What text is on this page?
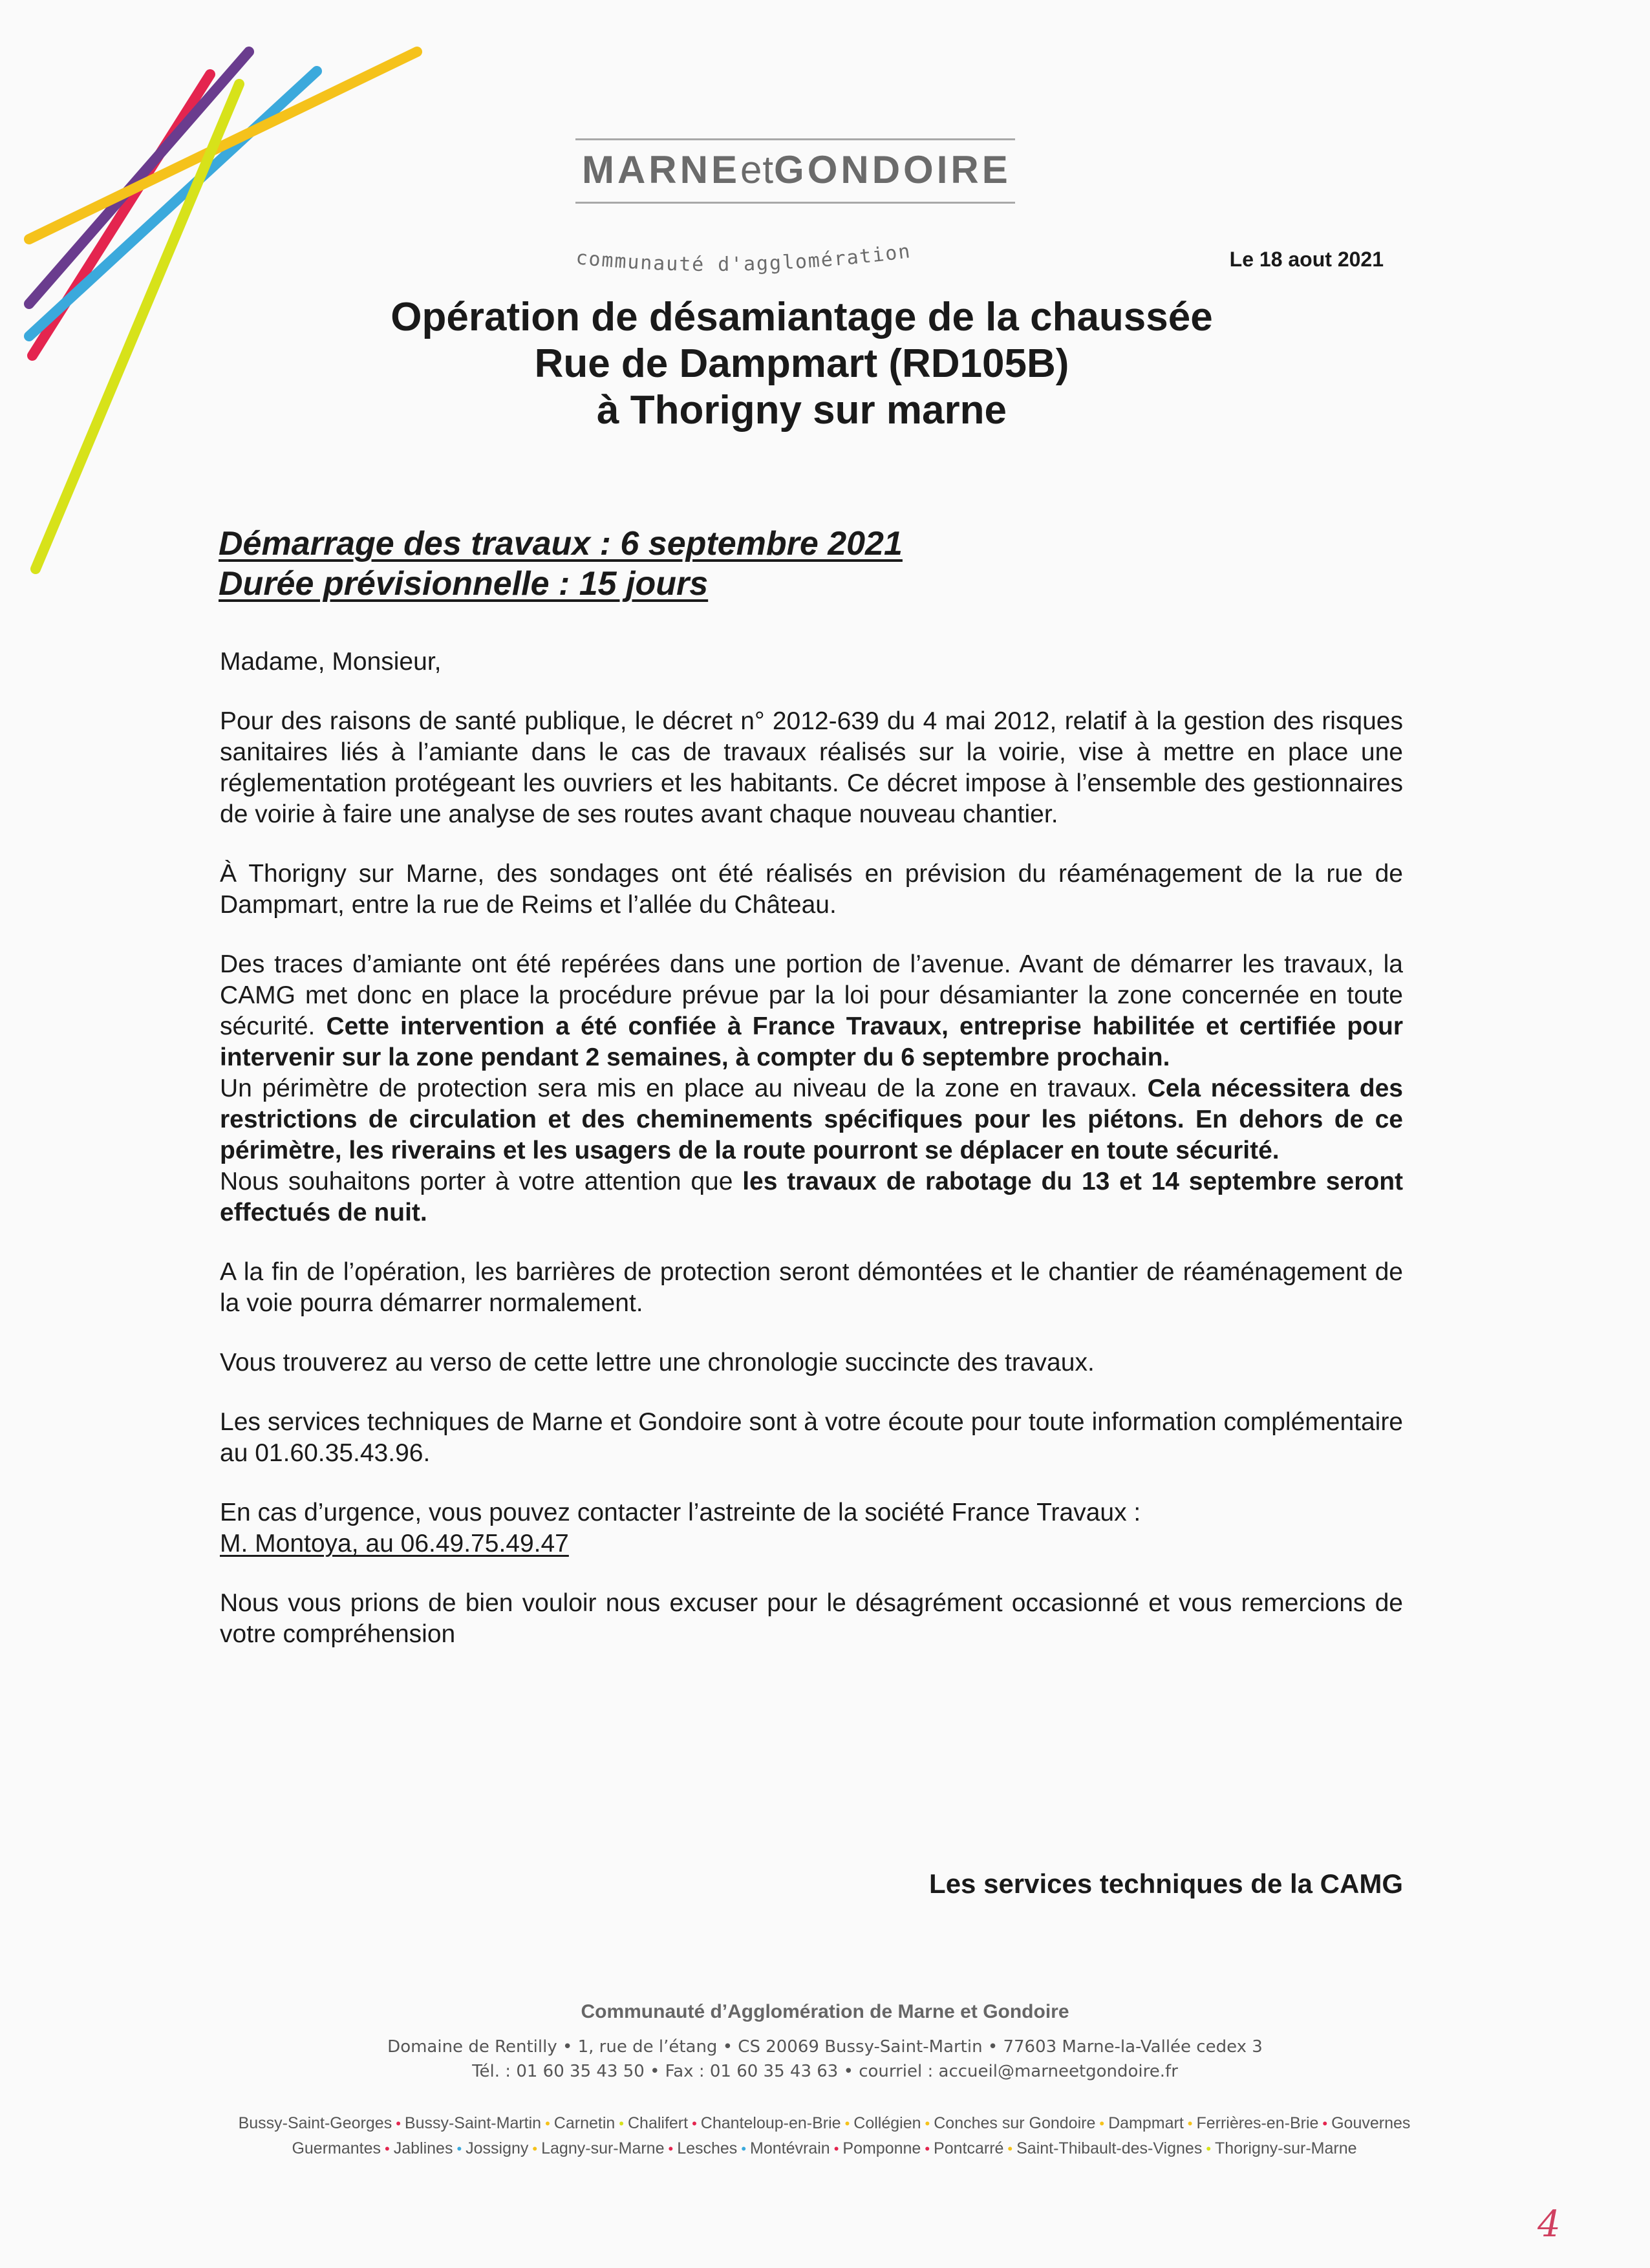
MARNEetGONDOIRE
communauté d'agglomération	Le 18 aout 2021
Opération de désamiantage de la chaussée
Rue de Dampmart (RD105B)
à Thorigny sur marne
Démarrage des travaux : 6 septembre 2021
Durée prévisionnelle : 15 jours

Madame, Monsieur,

Pour des raisons de santé publique, le décret n° 2012-639 du 4 mai 2012, relatif à la gestion des risques sanitaires liés à l’amiante dans le cas de travaux réalisés sur la voirie, vise à mettre en place une réglementation protégeant les ouvriers et les habitants. Ce décret impose à l’ensemble des gestionnaires de voirie à faire une analyse de ses routes avant chaque nouveau chantier.

À Thorigny sur Marne, des sondages ont été réalisés en prévision du réaménagement de la rue de Dampmart, entre la rue de Reims et l’allée du Château.

Des traces d’amiante ont été repérées dans une portion de l’avenue. Avant de démarrer les travaux, la CAMG met donc en place la procédure prévue par la loi pour désamianter la zone concernée en toute sécurité. Cette intervention a été confiée à France Travaux, entreprise habilitée et certifiée pour intervenir sur la zone pendant 2 semaines, à compter du 6 septembre prochain.

Un périmètre de protection sera mis en place au niveau de la zone en travaux. Cela nécessitera des restrictions de circulation et des cheminements spécifiques pour les piétons. En dehors de ce périmètre, les riverains et les usagers de la route pourront se déplacer en toute sécurité.

Nous souhaitons porter à votre attention que les travaux de rabotage du 13 et 14 septembre seront effectués de nuit.

A la fin de l’opération, les barrières de protection seront démontées et le chantier de réaménagement de la voie pourra démarrer normalement.

Vous trouverez au verso de cette lettre une chronologie succincte des travaux.

Les services techniques de Marne et Gondoire sont à votre écoute pour toute information complémentaire au 01.60.35.43.96.

En cas d’urgence, vous pouvez contacter l’astreinte de la société France Travaux :
M. Montoya, au 06.49.75.49.47

Nous vous prions de bien vouloir nous excuser pour le désagrément occasionné et vous remercions de votre compréhension

Les services techniques de la CAMG
Communauté d’Agglomération de Marne et Gondoire
Domaine de Rentilly • 1, rue de l’étang • CS 20069 Bussy-Saint-Martin • 77603 Marne-la-Vallée cedex 3
Tél. : 01 60 35 43 50 • Fax : 01 60 35 43 63 • courriel : accueil@marneetgondoire.fr
Bussy-Saint-Georges • Bussy-Saint-Martin • Carnetin • Chalifert • Chanteloup-en-Brie • Collégien • Conches sur Gondoire • Dampmart • Ferrières-en-Brie • Gouvernes
Guermantes • Jablines • Jossigny • Lagny-sur-Marne • Lesches • Montévrain • Pomponne • Pontcarré • Saint-Thibault-des-Vignes • Thorigny-sur-Marne
4
